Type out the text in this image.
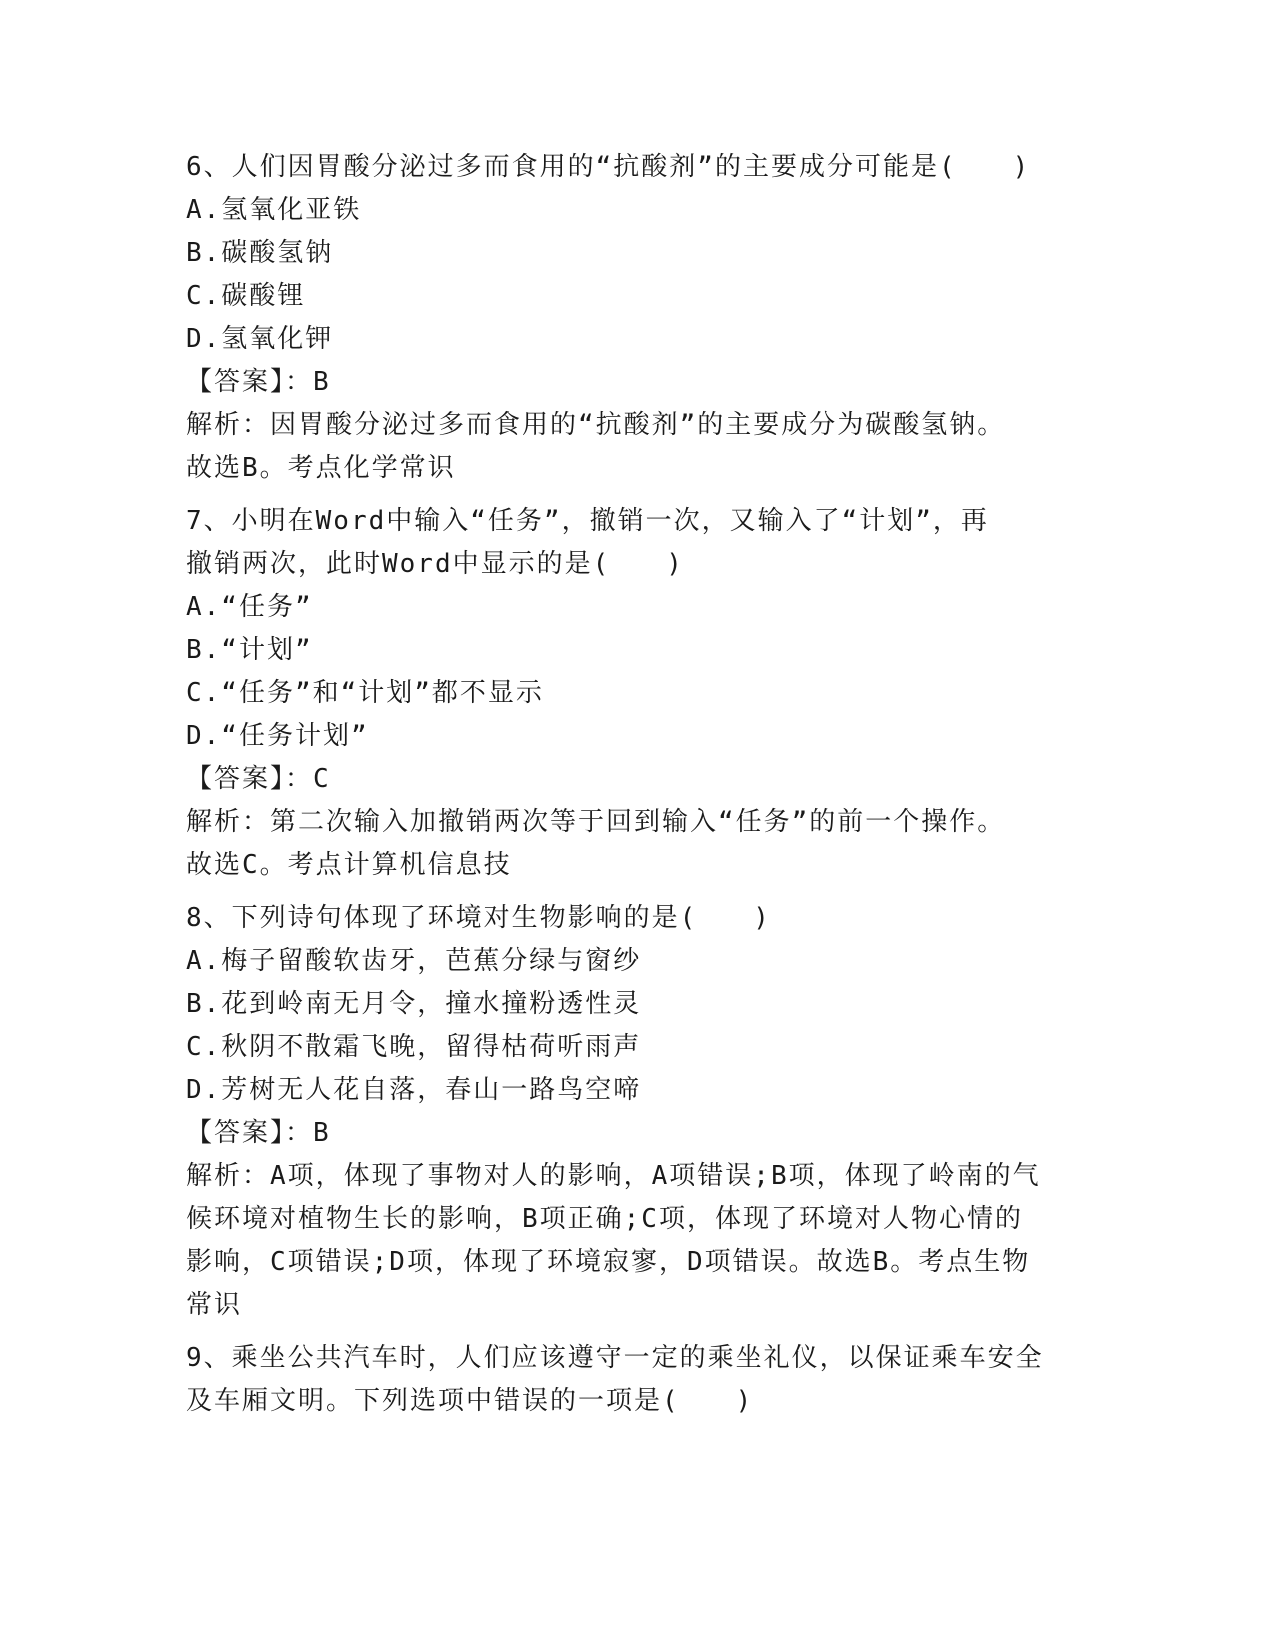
6、人们因胃酸分泌过多而食用的“抗酸剂”的主要成分可能是(　　)

A.氢氧化亚铁

B.碳酸氢钠

C.碳酸锂

D.氢氧化钾

【答案】：B

解析：因胃酸分泌过多而食用的“抗酸剂”的主要成分为碳酸氢钠。

故选B。考点化学常识

7、小明在Word中输入“任务”，撤销一次，又输入了“计划”，再

撤销两次，此时Word中显示的是(　　)

A.“任务”

B.“计划”

C.“任务”和“计划”都不显示

D.“任务计划”

【答案】：C

解析：第二次输入加撤销两次等于回到输入“任务”的前一个操作。

故选C。考点计算机信息技

8、下列诗句体现了环境对生物影响的是(　　)

A.梅子留酸软齿牙，芭蕉分绿与窗纱

B.花到岭南无月令，撞水撞粉透性灵

C.秋阴不散霜飞晚，留得枯荷听雨声

D.芳树无人花自落，春山一路鸟空啼

【答案】：B

解析：A项，体现了事物对人的影响，A项错误;B项，体现了岭南的气

候环境对植物生长的影响，B项正确;C项，体现了环境对人物心情的

影响，C项错误;D项，体现了环境寂寥，D项错误。故选B。考点生物

常识

9、乘坐公共汽车时，人们应该遵守一定的乘坐礼仪，以保证乘车安全

及车厢文明。下列选项中错误的一项是(　　)
